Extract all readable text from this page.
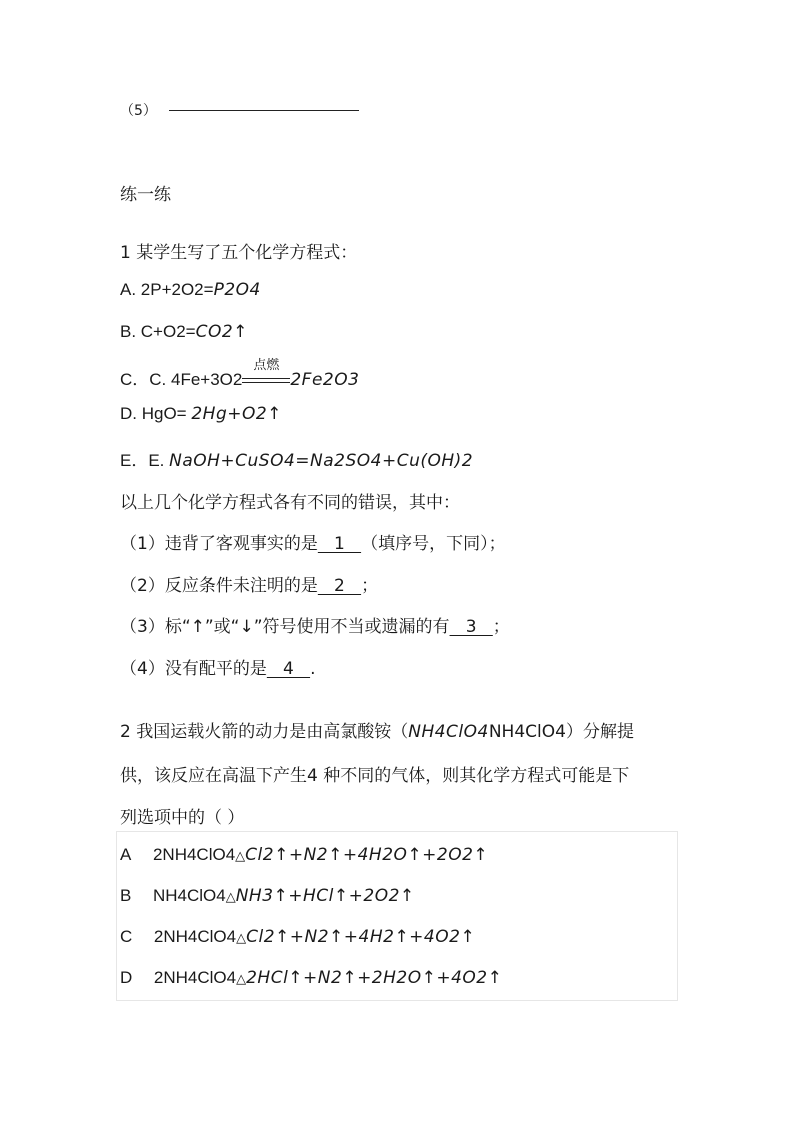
（5）
练一练
1 某学生写了五个化学方程式：
A. 2P+2O2=P2O4
B. C+O2=CO2↑
C．C. 4Fe+3O2
点燃
2Fe2O3
D. HgO= 2Hg+O2↑
E．E. NaOH+CuSO4=Na2SO4+Cu(OH)2
以上几个化学方程式各有不同的错误，其中：
（1）违背了客观事实的是   1   （填序号，下同）；
（2）反应条件未注明的是   2   ；
（3）标“↑”或“↓”符号使用不当或遗漏的有   3   ；
（4）没有配平的是   4   .
2 我国运载火箭的动力是由高氯酸铵（NH4ClO4NH4ClO4）分解提
供，该反应在高温下产生4 种不同的气体，则其化学方程式可能是下
列选项中的（ ）
A 2NH4ClO4△Cl2↑+N2↑+4H2O↑+2O2↑
B NH4ClO4△NH3↑+HCl↑+2O2↑
C 2NH4ClO4△Cl2↑+N2↑+4H2↑+4O2↑
D 2NH4ClO4△2HCl↑+N2↑+2H2O↑+4O2↑
